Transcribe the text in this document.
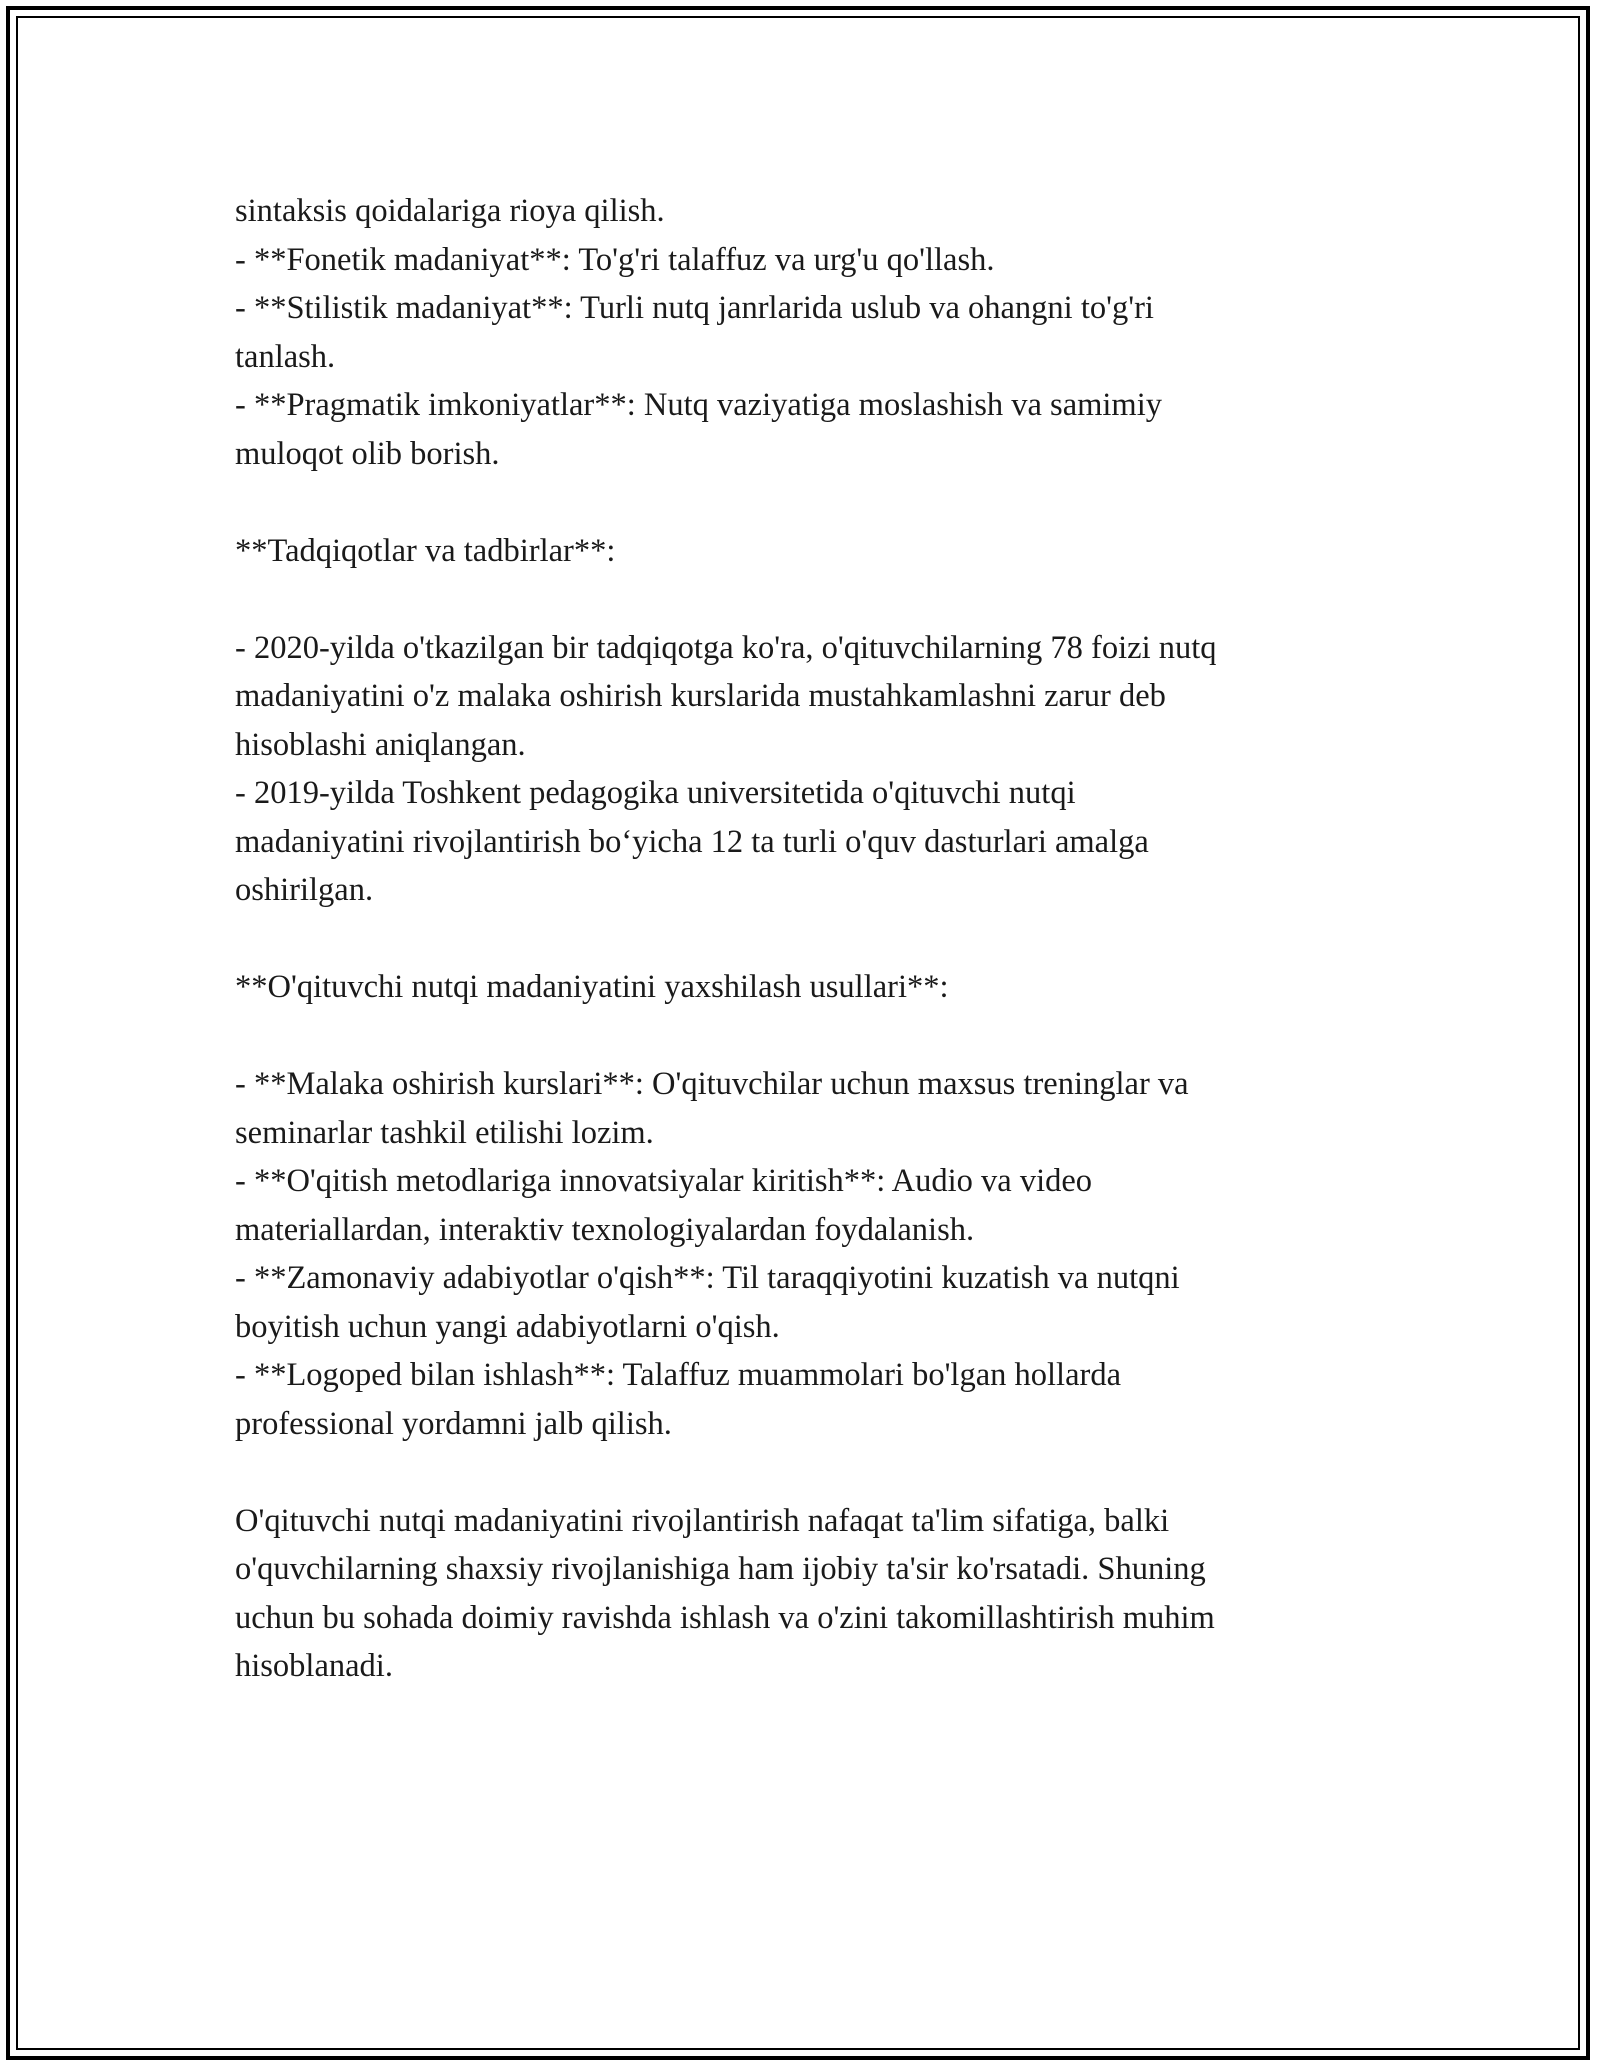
sintaksis qoidalariga rioya qilish.
- **Fonetik madaniyat**: To'g'ri talaffuz va urg'u qo'llash.
- **Stilistik madaniyat**: Turli nutq janrlarida uslub va ohangni to'g'ri
tanlash.
- **Pragmatik imkoniyatlar**: Nutq vaziyatiga moslashish va samimiy
muloqot olib borish.
**Tadqiqotlar va tadbirlar**:
- 2020-yilda o'tkazilgan bir tadqiqotga ko'ra, o'qituvchilarning 78 foizi nutq
madaniyatini o'z malaka oshirish kurslarida mustahkamlashni zarur deb
hisoblashi aniqlangan.
- 2019-yilda Toshkent pedagogika universitetida o'qituvchi nutqi
madaniyatini rivojlantirish bo‘yicha 12 ta turli o'quv dasturlari amalga
oshirilgan.
**O'qituvchi nutqi madaniyatini yaxshilash usullari**:
- **Malaka oshirish kurslari**: O'qituvchilar uchun maxsus treninglar va
seminarlar tashkil etilishi lozim.
- **O'qitish metodlariga innovatsiyalar kiritish**: Audio va video
materiallardan, interaktiv texnologiyalardan foydalanish.
- **Zamonaviy adabiyotlar o'qish**: Til taraqqiyotini kuzatish va nutqni
boyitish uchun yangi adabiyotlarni o'qish.
- **Logoped bilan ishlash**: Talaffuz muammolari bo'lgan hollarda
professional yordamni jalb qilish.
O'qituvchi nutqi madaniyatini rivojlantirish nafaqat ta'lim sifatiga, balki
o'quvchilarning shaxsiy rivojlanishiga ham ijobiy ta'sir ko'rsatadi. Shuning
uchun bu sohada doimiy ravishda ishlash va o'zini takomillashtirish muhim
hisoblanadi.
